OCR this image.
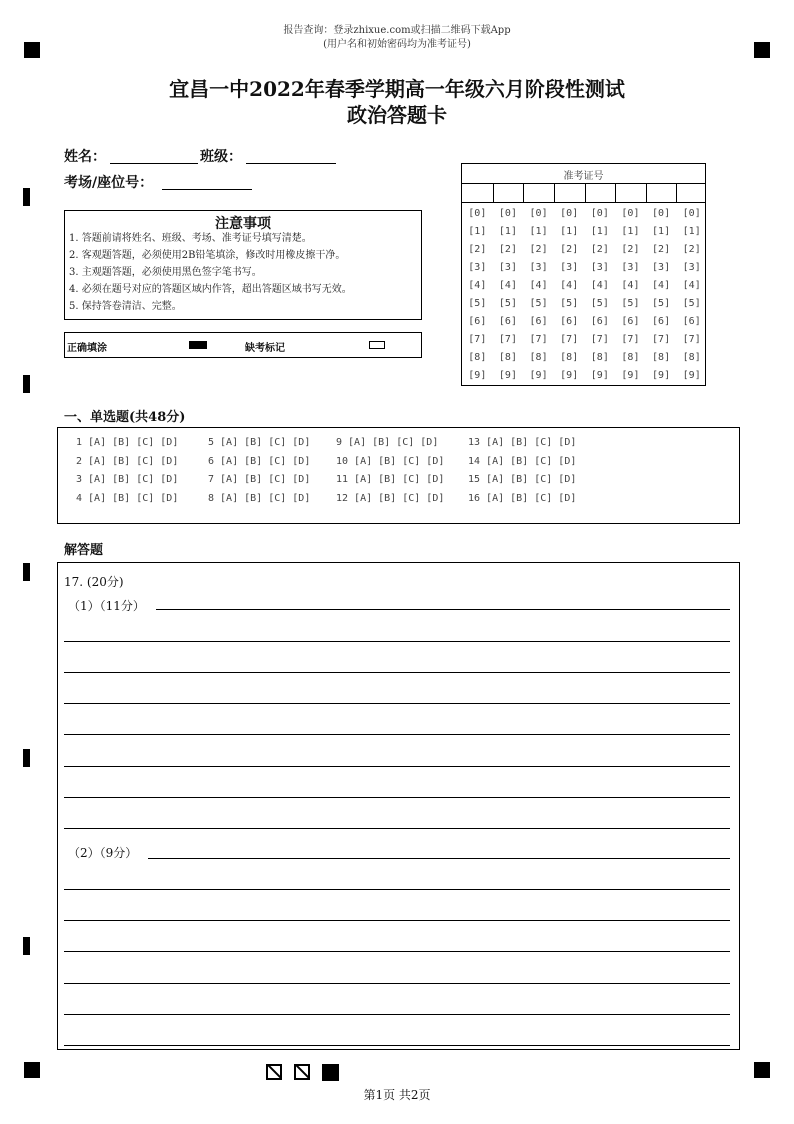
报告查询：登录zhixue.com或扫描二维码下载App
(用户名和初始密码均为准考证号)
宜昌一中2022年春季学期高一年级六月阶段性测试
政治答题卡
姓名：	班级：
考场/座位号：
注意事项
1. 答题前请将姓名、班级、考场、准考证号填写清楚。
2. 客观题答题，必须使用2B铅笔填涂，修改时用橡皮擦干净。
3. 主观题答题，必须使用黑色签字笔书写。
4. 必须在题号对应的答题区域内作答，超出答题区域书写无效。
5. 保持答卷清洁、完整。
正确填涂	缺考标记
准考证号
[0]
[1]
[2]
[3]
[4]
[5]
[6]
[7]
[8]
[9]
[0]
[1]
[2]
[3]
[4]
[5]
[6]
[7]
[8]
[9]
[0]
[1]
[2]
[3]
[4]
[5]
[6]
[7]
[8]
[9]
[0]
[1]
[2]
[3]
[4]
[5]
[6]
[7]
[8]
[9]
[0]
[1]
[2]
[3]
[4]
[5]
[6]
[7]
[8]
[9]
[0]
[1]
[2]
[3]
[4]
[5]
[6]
[7]
[8]
[9]
[0]
[1]
[2]
[3]
[4]
[5]
[6]
[7]
[8]
[9]
[0]
[1]
[2]
[3]
[4]
[5]
[6]
[7]
[8]
[9]
一、单选题(共48分)
1 [A] [B] [C] [D]
2 [A] [B] [C] [D]
3 [A] [B] [C] [D]
4 [A] [B] [C] [D]
5 [A] [B] [C] [D]
6 [A] [B] [C] [D]
7 [A] [B] [C] [D]
8 [A] [B] [C] [D]
9 [A] [B] [C] [D]
10 [A] [B] [C] [D]
11 [A] [B] [C] [D]
12 [A] [B] [C] [D]
13 [A] [B] [C] [D]
14 [A] [B] [C] [D]
15 [A] [B] [C] [D]
16 [A] [B] [C] [D]
解答题
17. (20分)
（1）（11分）
（2）（9分）
第1页 共2页
